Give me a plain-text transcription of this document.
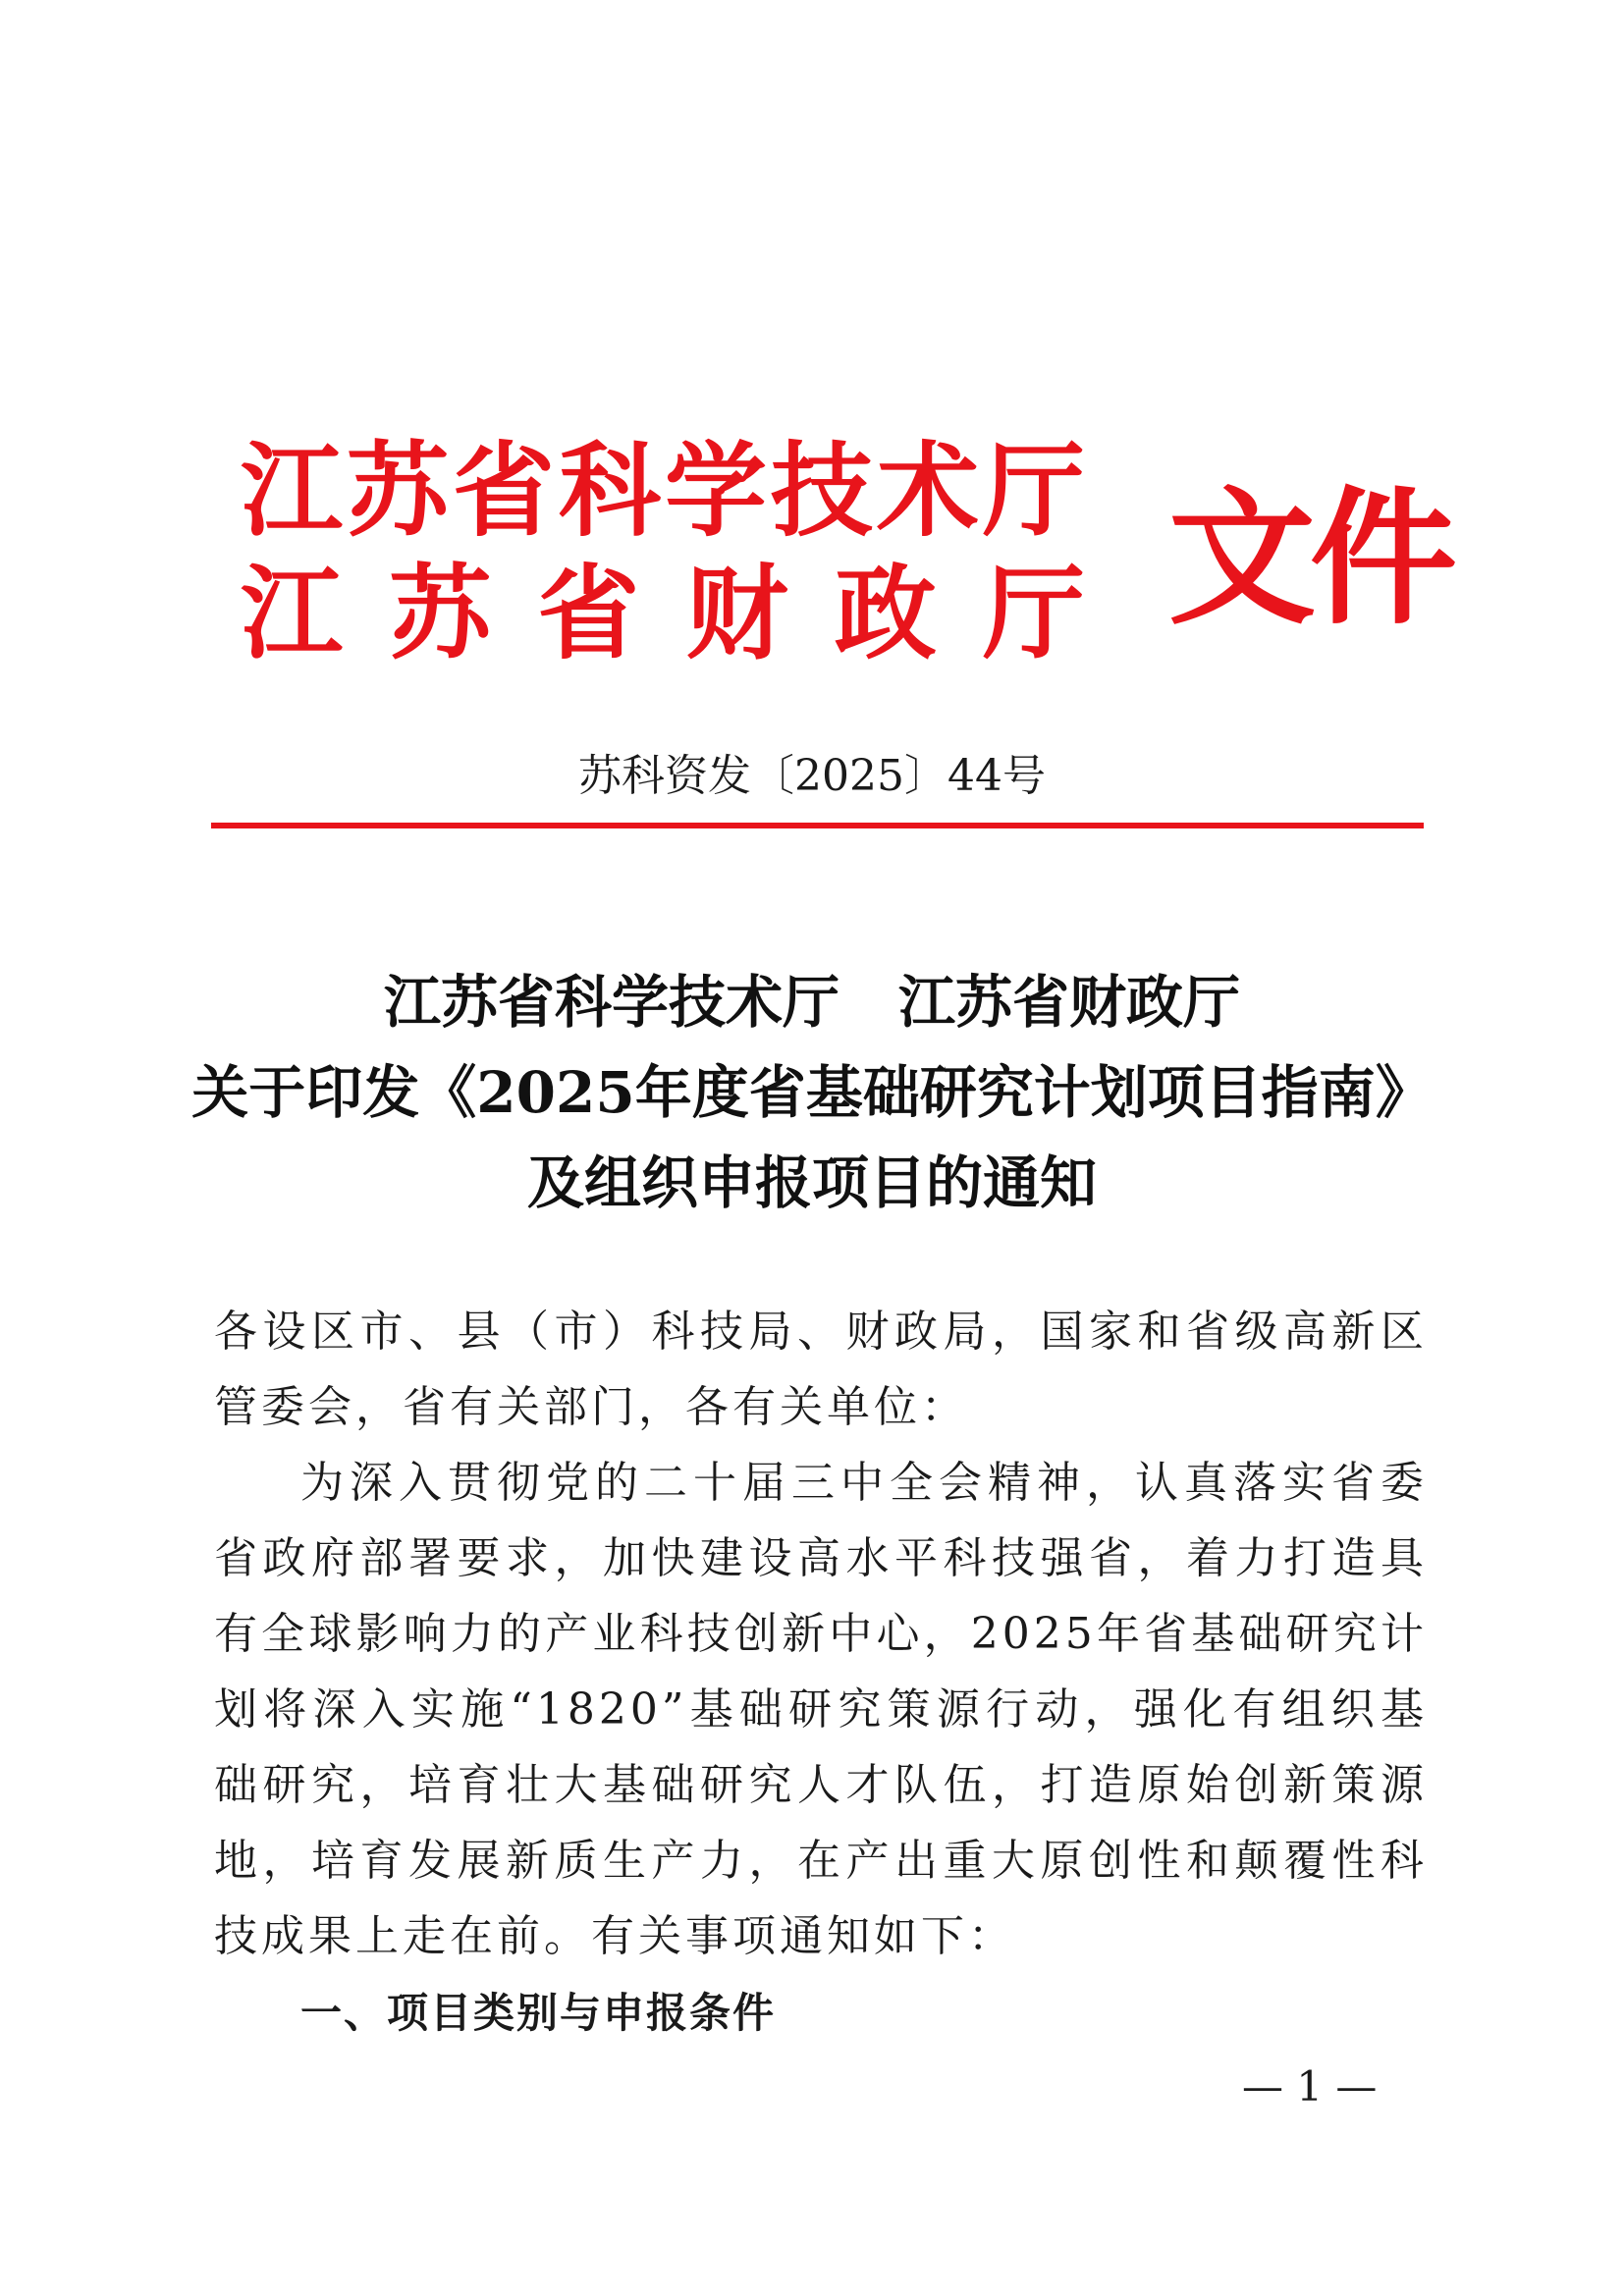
江 苏 省 科 学 技 术 厅
江 苏 省 财 政 厅 文件
苏科资发〔2025〕44号
江苏省科学技术厅 江苏省财政厅
关于印发《2025年度省基础研究计划项目指南》
及组织申报项目的通知

各设区市、县（市）科技局、财政局，国家和省级高新区管委会，省有关部门，各有关单位：

为深入贯彻党的二十届三中全会精神，认真落实省委省政府部署要求，加快建设高水平科技强省，着力打造具有全球影响力的产业科技创新中心，2025年省基础研究计划将深入实施“1820”基础研究策源行动，强化有组织基础研究，培育壮大基础研究人才队伍，打造原始创新策源地，培育发展新质生产力，在产出重大原创性和颠覆性科技成果上走在前。有关事项通知如下：

一、项目类别与申报条件

— 1 —
